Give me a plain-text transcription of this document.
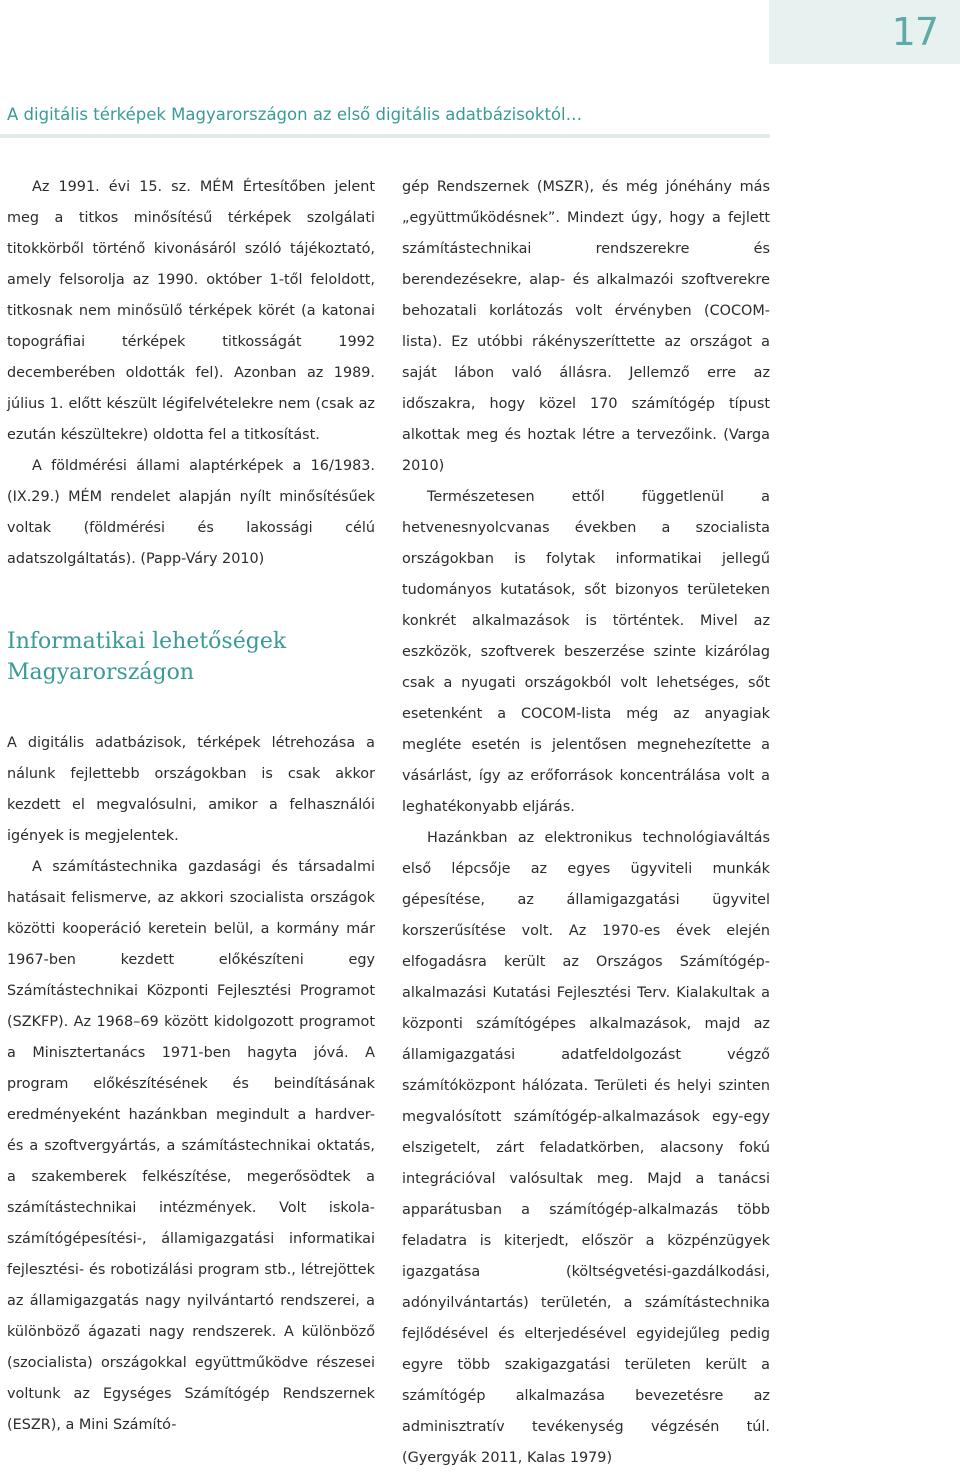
17
A digitális térképek Magyarországon az első digitális adatbázisoktól…

Az 1991. évi 15. sz. MÉM Értesítőben jelent meg a titkos minősítésű térképek szolgálati titokkörből történő kivonásáról szóló tájékoztató, amely felsorolja az 1990. október 1-től feloldott, titkosnak nem minősülő térképek körét (a katonai topográfiai térképek titkosságát 1992 decemberében oldották fel). Azonban az 1989. július 1. előtt készült légifelvételekre nem (csak az ezután készültekre) oldotta fel a titkosítást.

A földmérési állami alaptérképek a 16/1983. (IX.29.) MÉM rendelet alapján nyílt minősítésűek voltak (földmérési és lakossági célú adatszolgáltatás). (Papp-Váry 2010)

Informatikai lehetőségek
Magyarországon

A digitális adatbázisok, térképek létrehozása a nálunk fejlettebb országokban is csak akkor kezdett el megvalósulni, amikor a felhasználói igények is megjelentek.

A számítástechnika gazdasági és társadalmi hatásait felismerve, az akkori szocialista országok közötti kooperáció keretein belül, a kormány már 1967-ben kezdett előkészíteni egy Számítástechnikai Központi Fejlesztési Programot (SZKFP). Az 1968–69 között kidolgozott programot a Minisztertanács 1971-ben hagyta jóvá. A program előkészítésének és beindításának eredményeként hazánkban megindult a hardver- és a szoftvergyártás, a számítástechnikai oktatás, a szakemberek felkészítése, megerősödtek a számítástechnikai intézmények. Volt iskola-számítógépesítési-, államigazgatási informatikai fejlesztési- és robotizálási program stb., létrejöttek az államigazgatás nagy nyilvántartó rendszerei, a különböző ágazati nagy rendszerek. A különböző (szocialista) országokkal együttműködve részesei voltunk az Egységes Számítógép Rendszernek (ESZR), a Mini Számító-

gép Rendszernek (MSZR), és még jónéhány más „együttműködésnek”. Mindezt úgy, hogy a fejlett számítástechnikai rendszerekre és berendezésekre, alap- és alkalmazói szoftverekre behozatali korlátozás volt érvényben (COCOM-lista). Ez utóbbi rákényszeríttette az országot a saját lábon való állásra. Jellemző erre az időszakra, hogy közel 170 számítógép típust alkottak meg és hoztak létre a tervezőink. (Varga 2010)

Természetesen ettől függetlenül a hetvenesnyolcvanas években a szocialista országokban is folytak informatikai jellegű tudományos kutatások, sőt bizonyos területeken konkrét alkalmazások is történtek. Mivel az eszközök, szoftverek beszerzése szinte kizárólag csak a nyugati országokból volt lehetséges, sőt esetenként a COCOM-lista még az anyagiak megléte esetén is jelentősen megnehezítette a vásárlást, így az erőforrások koncentrálása volt a leghatékonyabb eljárás.

Hazánkban az elektronikus technológiaváltás első lépcsője az egyes ügyviteli munkák gépesítése, az államigazgatási ügyvitel korszerűsítése volt. Az 1970-es évek elején elfogadásra került az Országos Számítógép-alkalmazási Kutatási Fejlesztési Terv. Kialakultak a központi számítógépes alkalmazások, majd az államigazgatási adatfeldolgozást végző számítóközpont hálózata. Területi és helyi szinten megvalósított számítógép-alkalmazások egy-egy elszigetelt, zárt feladatkörben, alacsony fokú integrációval valósultak meg. Majd a tanácsi apparátusban a számítógép-alkalmazás több feladatra is kiterjedt, először a közpénzügyek igazgatása (költségvetési-gazdálkodási, adónyilvántartás) területén, a számítástechnika fejlődésével és elterjedésével egyidejűleg pedig egyre több szakigazgatási területen került a számítógép alkalmazása bevezetésre az adminisztratív tevékenység végzésén túl. (Gyergyák 2011, Kalas 1979)
